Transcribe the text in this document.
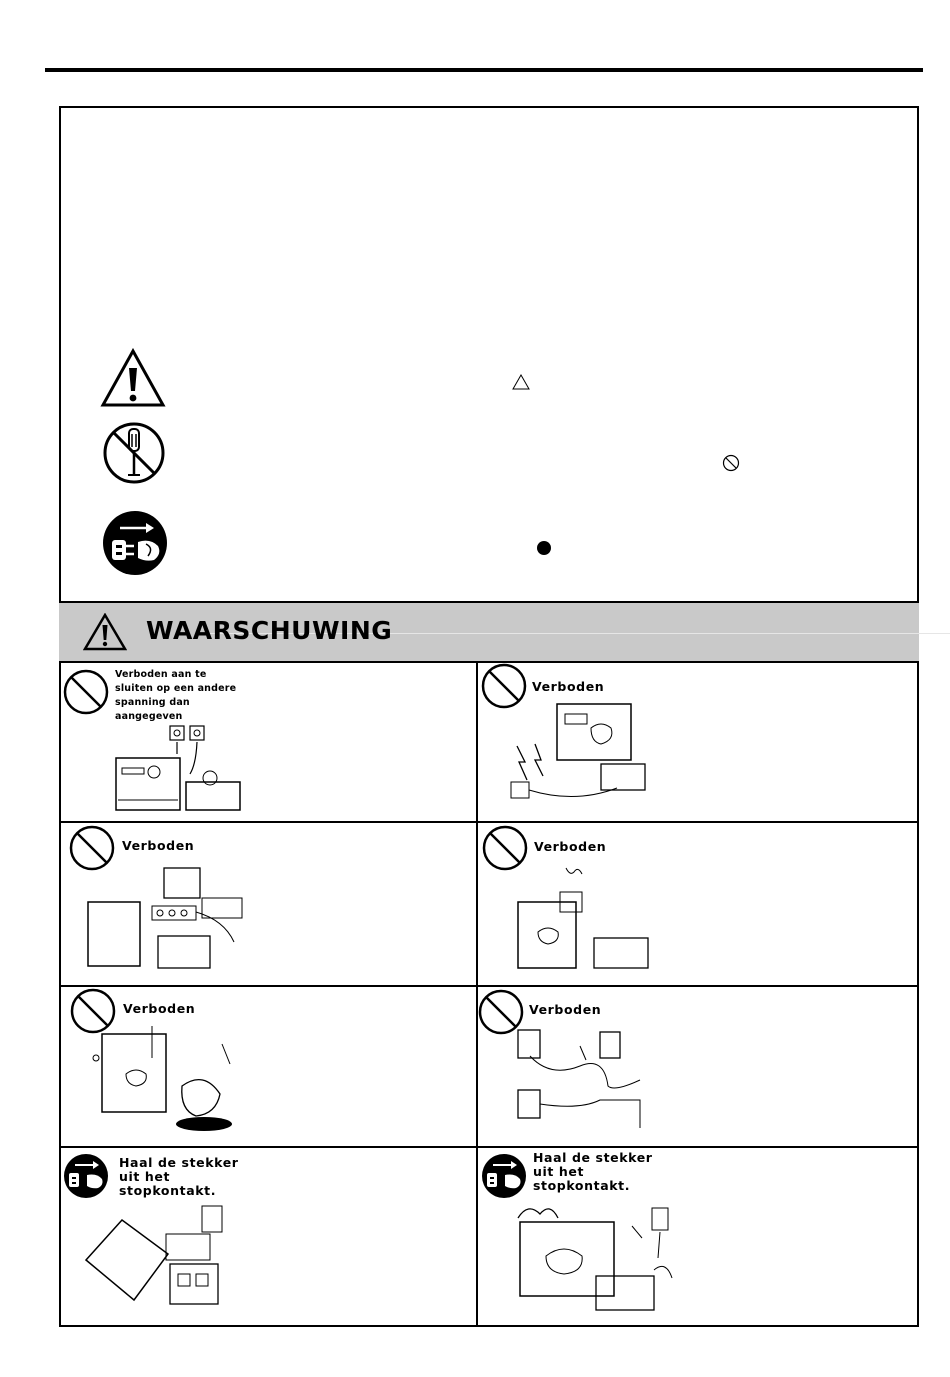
WAARSCHUWING
Verboden aan te
sluiten op een andere
spanning dan
aangegeven
Verboden
Verboden	Verboden
Verboden	Verboden
Haal de stekker
uit het
stopkontakt.
Haal de stekker
uit het
stopkontakt.
